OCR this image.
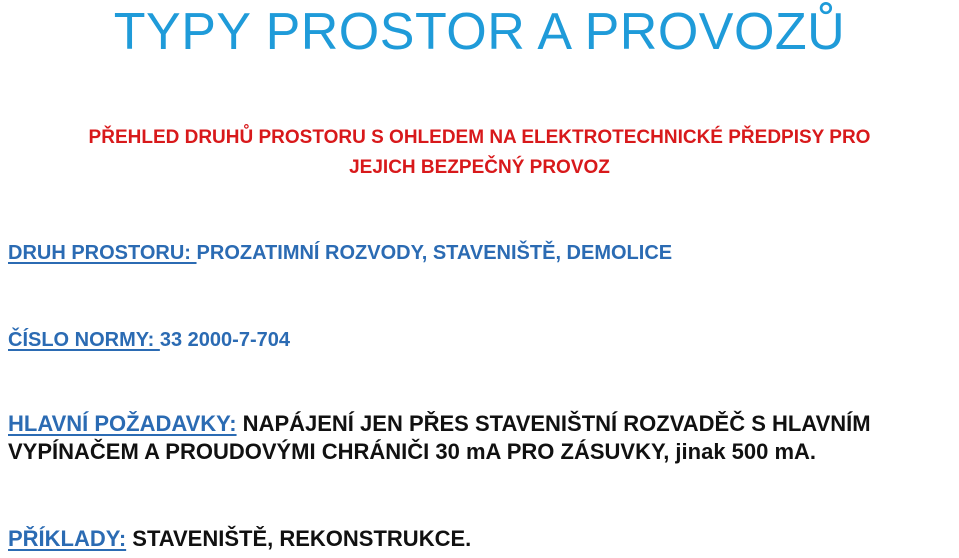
TYPY PROSTOR A PROVOZŮ
PŘEHLED DRUHŮ PROSTORU S OHLEDEM NA ELEKTROTECHNICKÉ PŘEDPISY PRO
JEJICH BEZPEČNÝ PROVOZ
DRUH PROSTORU: PROZATIMNÍ ROZVODY, STAVENIŠTĚ, DEMOLICE
ČÍSLO NORMY: 33 2000-7-704
HLAVNÍ POŽADAVKY: NAPÁJENÍ JEN PŘES STAVENIŠTNÍ ROZVADĚČ S HLAVNÍM
VYPÍNAČEM A PROUDOVÝMI CHRÁNIČI 30 mA PRO ZÁSUVKY, jinak 500 mA.
PŘÍKLADY: STAVENIŠTĚ, REKONSTRUKCE.
